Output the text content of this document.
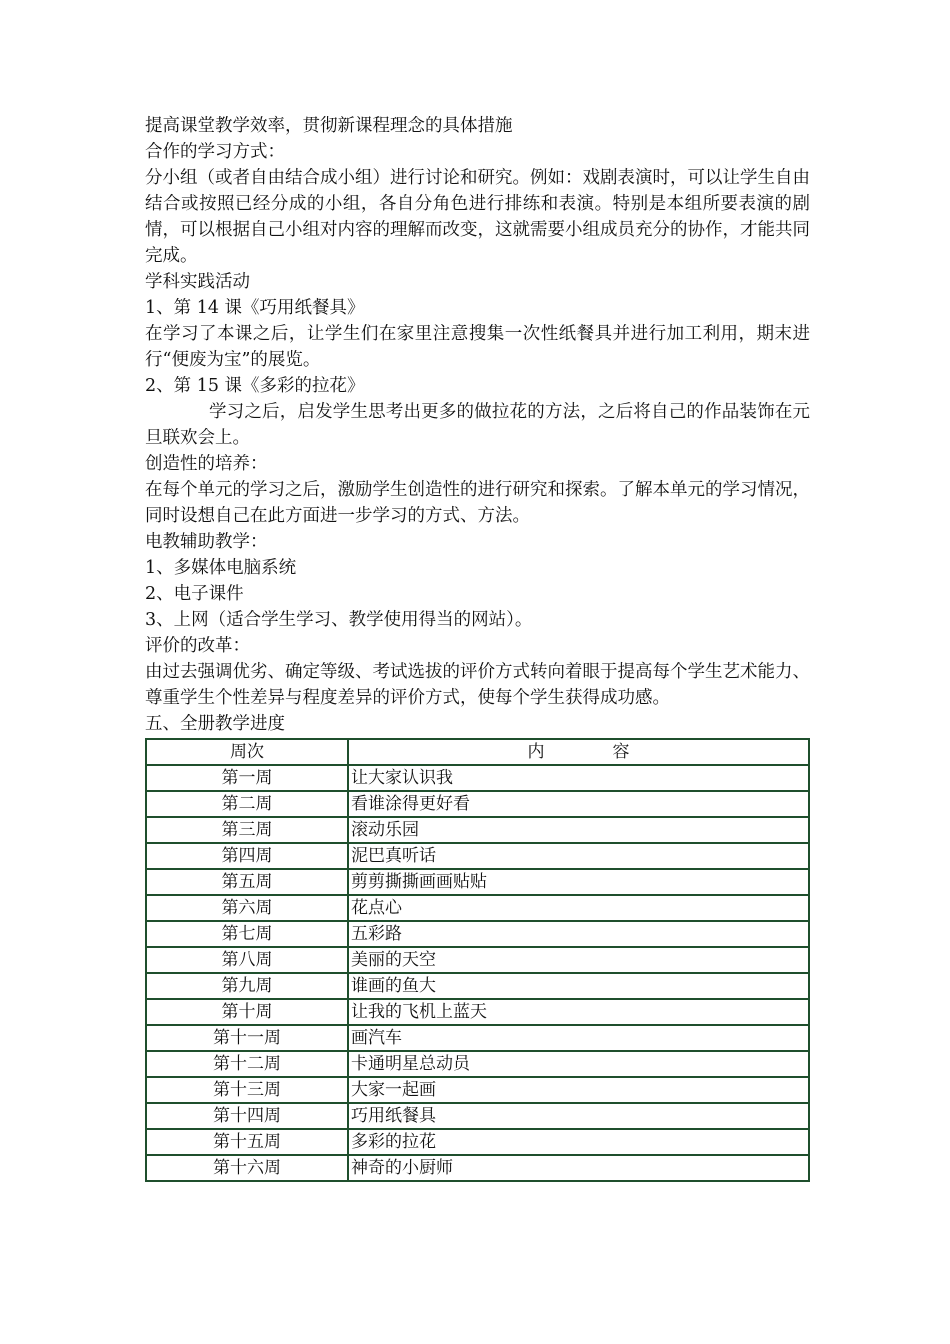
提高课堂教学效率，贯彻新课程理念的具体措施

合作的学习方式：

分小组（或者自由结合成小组）进行讨论和研究。例如：戏剧表演时，可以让学生自由结合或按照已经分成的小组，各自分角色进行排练和表演。特别是本组所要表演的剧情，可以根据自己小组对内容的理解而改变，这就需要小组成员充分的协作，才能共同完成。

学科实践活动

1、第 14 课《巧用纸餐具》

在学习了本课之后，让学生们在家里注意搜集一次性纸餐具并进行加工利用，期末进行“便废为宝”的展览。

2、第 15 课《多彩的拉花》

学习之后，启发学生思考出更多的做拉花的方法，之后将自己的作品装饰在元旦联欢会上。

创造性的培养：

在每个单元的学习之后，激励学生创造性的进行研究和探索。了解本单元的学习情况，同时设想自己在此方面进一步学习的方式、方法。

电教辅助教学：

1、多媒体电脑系统

2、电子课件

3、上网（适合学生学习、教学使用得当的网站）。

评价的改革：

由过去强调优劣、确定等级、考试选拔的评价方式转向着眼于提高每个学生艺术能力、尊重学生个性差异与程度差异的评价方式，使每个学生获得成功感。

五、全册教学进度

周次	内　　　　容
第一周	让大家认识我
第二周	看谁涂得更好看
第三周	滚动乐园
第四周	泥巴真听话
第五周	剪剪撕撕画画贴贴
第六周	花点心
第七周	五彩路
第八周	美丽的天空
第九周	谁画的鱼大
第十周	让我的飞机上蓝天
第十一周	画汽车
第十二周	卡通明星总动员
第十三周	大家一起画
第十四周	巧用纸餐具
第十五周	多彩的拉花
第十六周	神奇的小厨师
